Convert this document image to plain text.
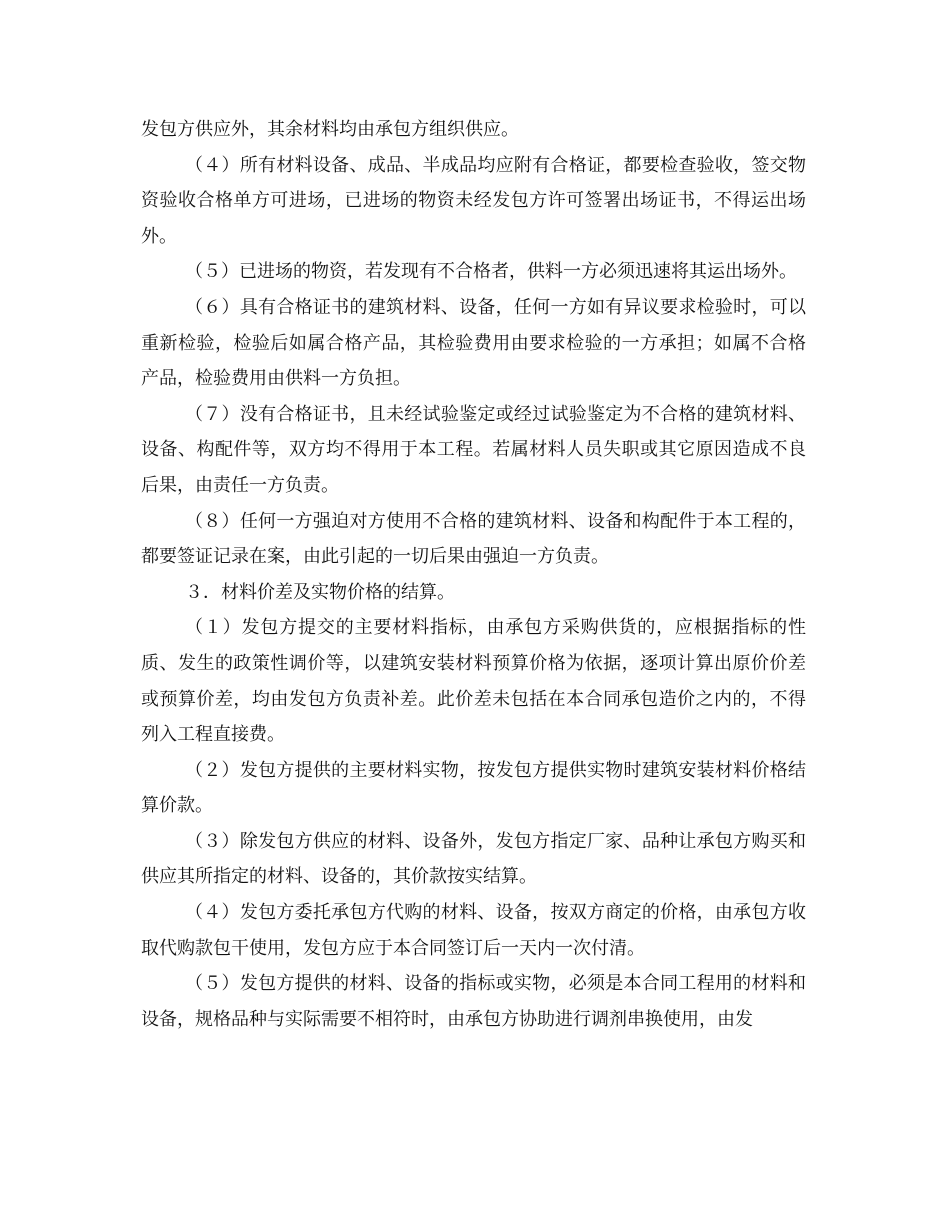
发包方供应外，其余材料均由承包方组织供应。

（４）所有材料设备、成品、半成品均应附有合格证，都要检查验收，签交物资验收合格单方可进场，已进场的物资未经发包方许可签署出场证书，不得运出场外。

（５）已进场的物资，若发现有不合格者，供料一方必须迅速将其运出场外。

（６）具有合格证书的建筑材料、设备，任何一方如有异议要求检验时，可以重新检验，检验后如属合格产品，其检验费用由要求检验的一方承担；如属不合格产品，检验费用由供料一方负担。

（７）没有合格证书，且未经试验鉴定或经过试验鉴定为不合格的建筑材料、设备、构配件等，双方均不得用于本工程。若属材料人员失职或其它原因造成不良后果，由责任一方负责。

（８）任何一方强迫对方使用不合格的建筑材料、设备和构配件于本工程的，都要签证记录在案，由此引起的一切后果由强迫一方负责。

３．材料价差及实物价格的结算。

（１）发包方提交的主要材料指标，由承包方采购供货的，应根据指标的性质、发生的政策性调价等，以建筑安装材料预算价格为依据，逐项计算出原价价差或预算价差，均由发包方负责补差。此价差未包括在本合同承包造价之内的，不得列入工程直接费。

（２）发包方提供的主要材料实物，按发包方提供实物时建筑安装材料价格结算价款。

（３）除发包方供应的材料、设备外，发包方指定厂家、品种让承包方购买和供应其所指定的材料、设备的，其价款按实结算。

（４）发包方委托承包方代购的材料、设备，按双方商定的价格，由承包方收取代购款包干使用，发包方应于本合同签订后一天内一次付清。

（５）发包方提供的材料、设备的指标或实物，必须是本合同工程用的材料和设备，规格品种与实际需要不相符时，由承包方协助进行调剂串换使用，由发
